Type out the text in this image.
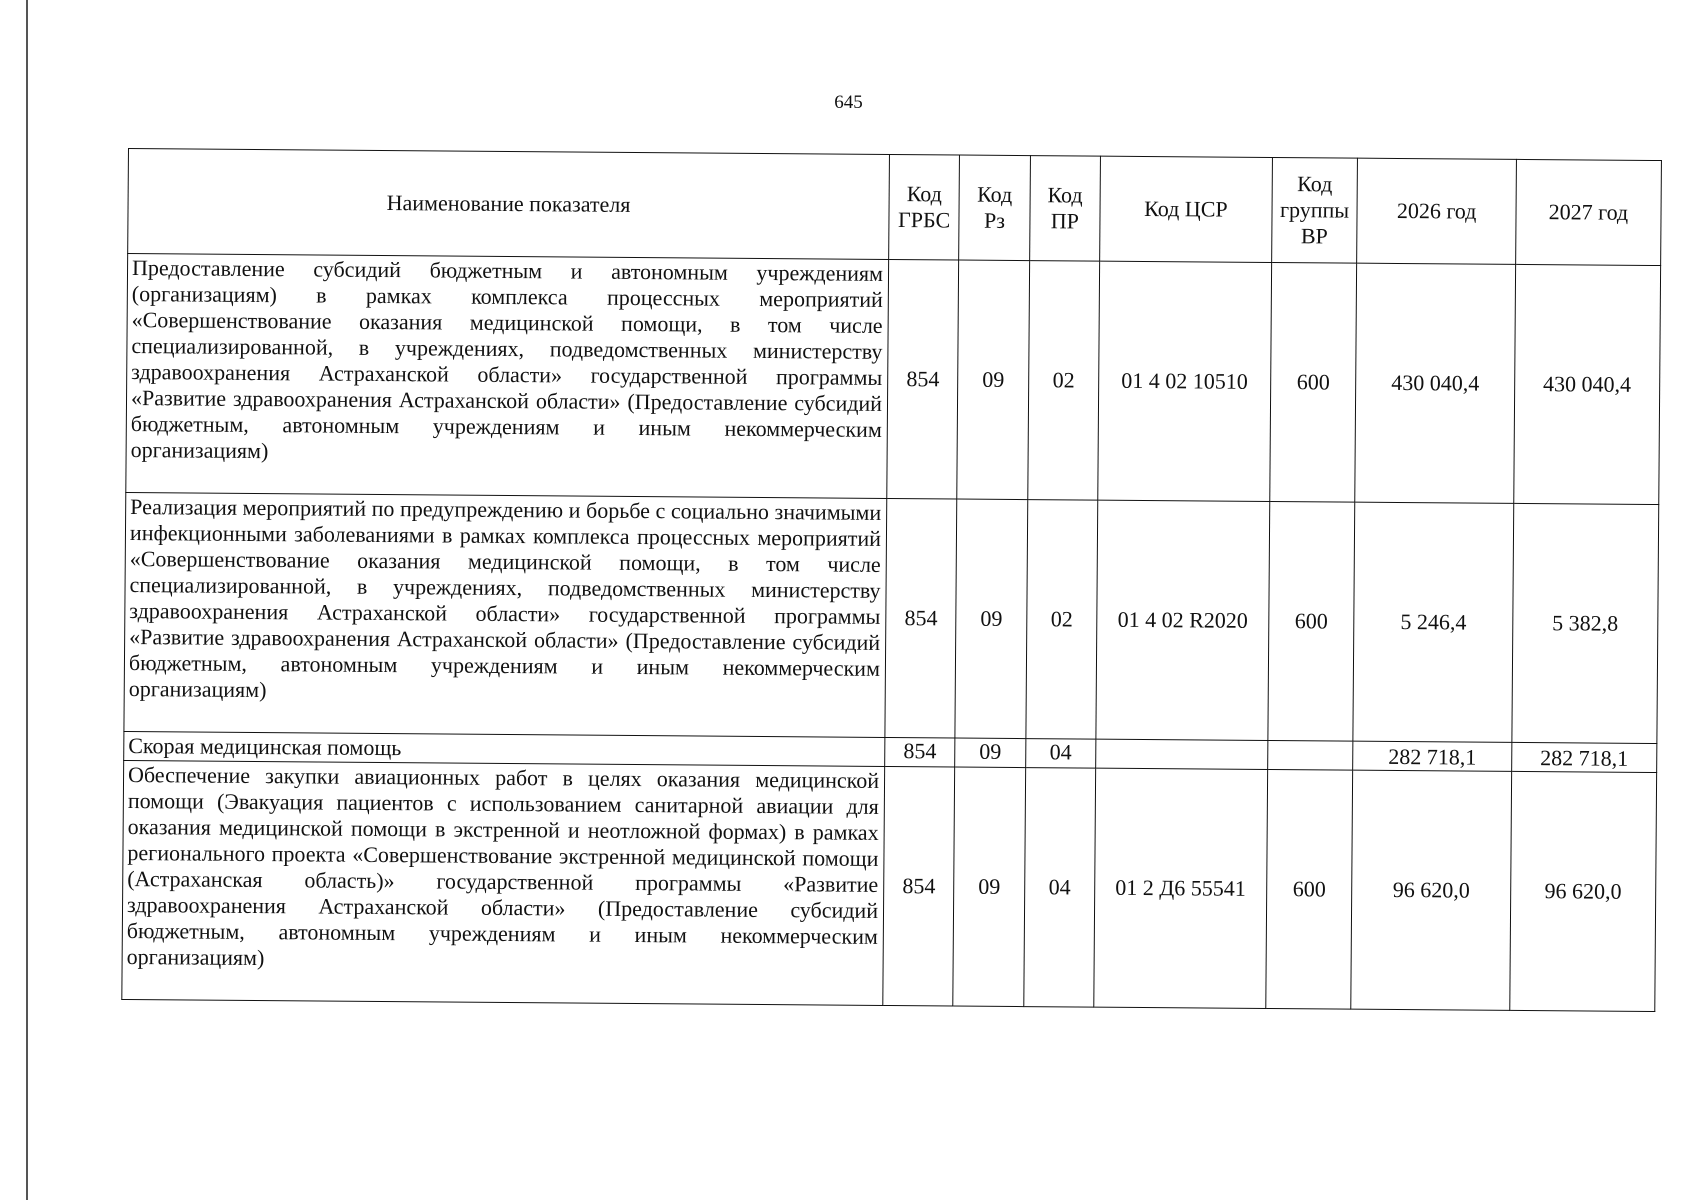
645
Наименование показателя	Код ГРБС	Код Рз	Код ПР	Код ЦСР	Код группы ВР	2026 год	2027 год
Предоставление субсидий бюджетным и автономным учреждениям (организациям) в рамках комплекса процессных мероприятий «Совершенствование оказания медицинской помощи, в том числе специализированной, в учреждениях, подведомственных министерству здравоохранения Астраханской области» государственной программы «Развитие здравоохранения Астраханской области» (Предоставление субсидий бюджетным, автономным учреждениям и иным некоммерческим организациям)	854	09	02	01 4 02 10510	600	430 040,4	430 040,4
Реализация мероприятий по предупреждению и борьбе с социально значимыми инфекционными заболеваниями в рамках комплекса процессных мероприятий «Совершенствование оказания медицинской помощи, в том числе специализированной, в учреждениях, подведомственных министерству здравоохранения Астраханской области» государственной программы «Развитие здравоохранения Астраханской области» (Предоставление субсидий бюджетным, автономным учреждениям и иным некоммерческим организациям)	854	09	02	01 4 02 R2020	600	5 246,4	5 382,8
Скорая медицинская помощь	854	09	04			282 718,1	282 718,1
Обеспечение закупки авиационных работ в целях оказания медицинской помощи (Эвакуация пациентов с использованием санитарной авиации для оказания медицинской помощи в экстренной и неотложной формах) в рамках регионального проекта «Совершенствование экстренной медицинской помощи (Астраханская область)» государственной программы «Развитие здравоохранения Астраханской области» (Предоставление субсидий бюджетным, автономным учреждениям и иным некоммерческим организациям)	854	09	04	01 2 Д6 55541	600	96 620,0	96 620,0
